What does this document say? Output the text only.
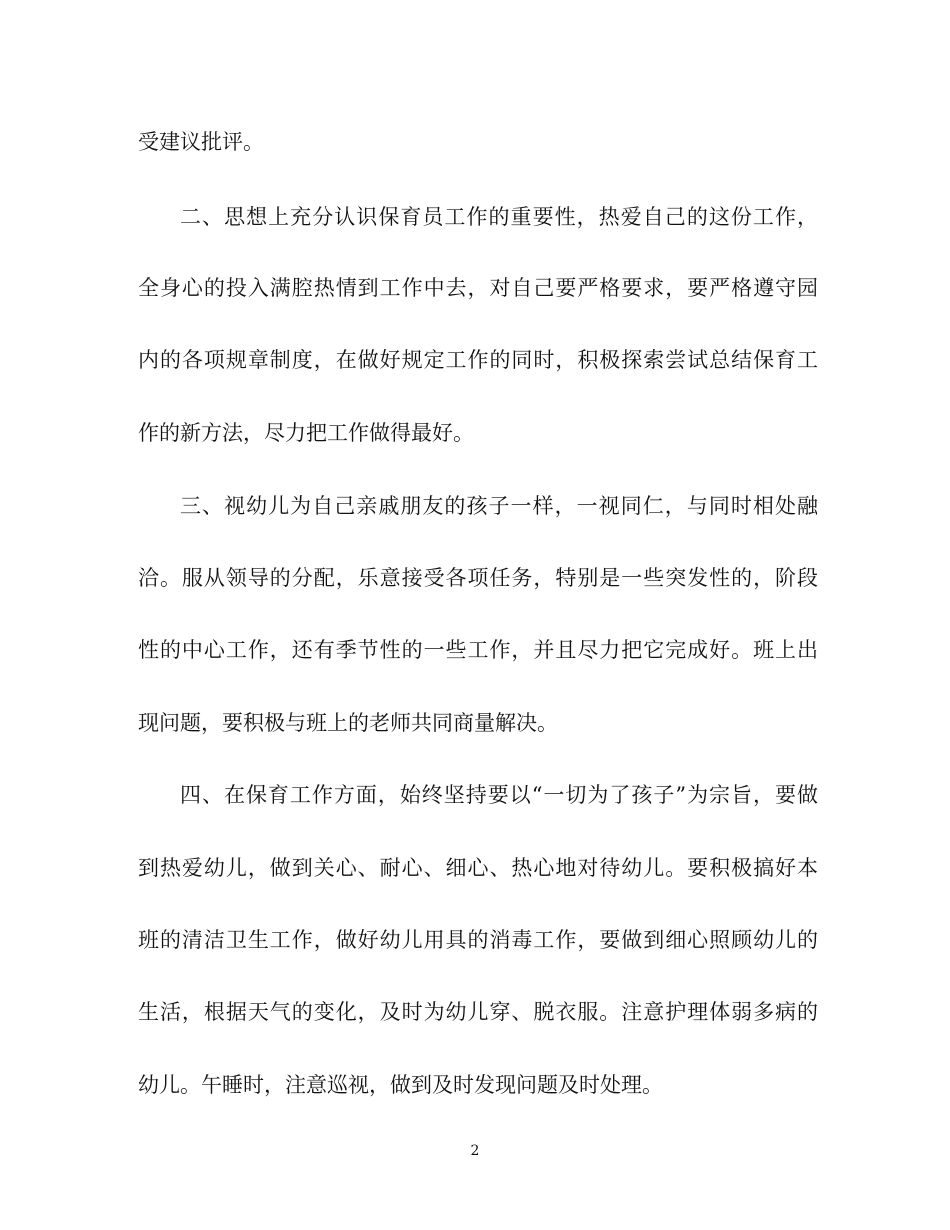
受建议批评。
二、思想上充分认识保育员工作的重要性，热爱自己的这份工作，
全身心的投入满腔热情到工作中去，对自己要严格要求，要严格遵守园
内的各项规章制度，在做好规定工作的同时，积极探索尝试总结保育工
作的新方法，尽力把工作做得最好。
三、视幼儿为自己亲戚朋友的孩子一样，一视同仁，与同时相处融
洽。服从领导的分配，乐意接受各项任务，特别是一些突发性的，阶段
性的中心工作，还有季节性的一些工作，并且尽力把它完成好。班上出
现问题，要积极与班上的老师共同商量解决。
四、在保育工作方面，始终坚持要以“一切为了孩子”为宗旨，要做
到热爱幼儿，做到关心、耐心、细心、热心地对待幼儿。要积极搞好本
班的清洁卫生工作，做好幼儿用具的消毒工作，要做到细心照顾幼儿的
生活，根据天气的变化，及时为幼儿穿、脱衣服。注意护理体弱多病的
幼儿。午睡时，注意巡视，做到及时发现问题及时处理。
2
